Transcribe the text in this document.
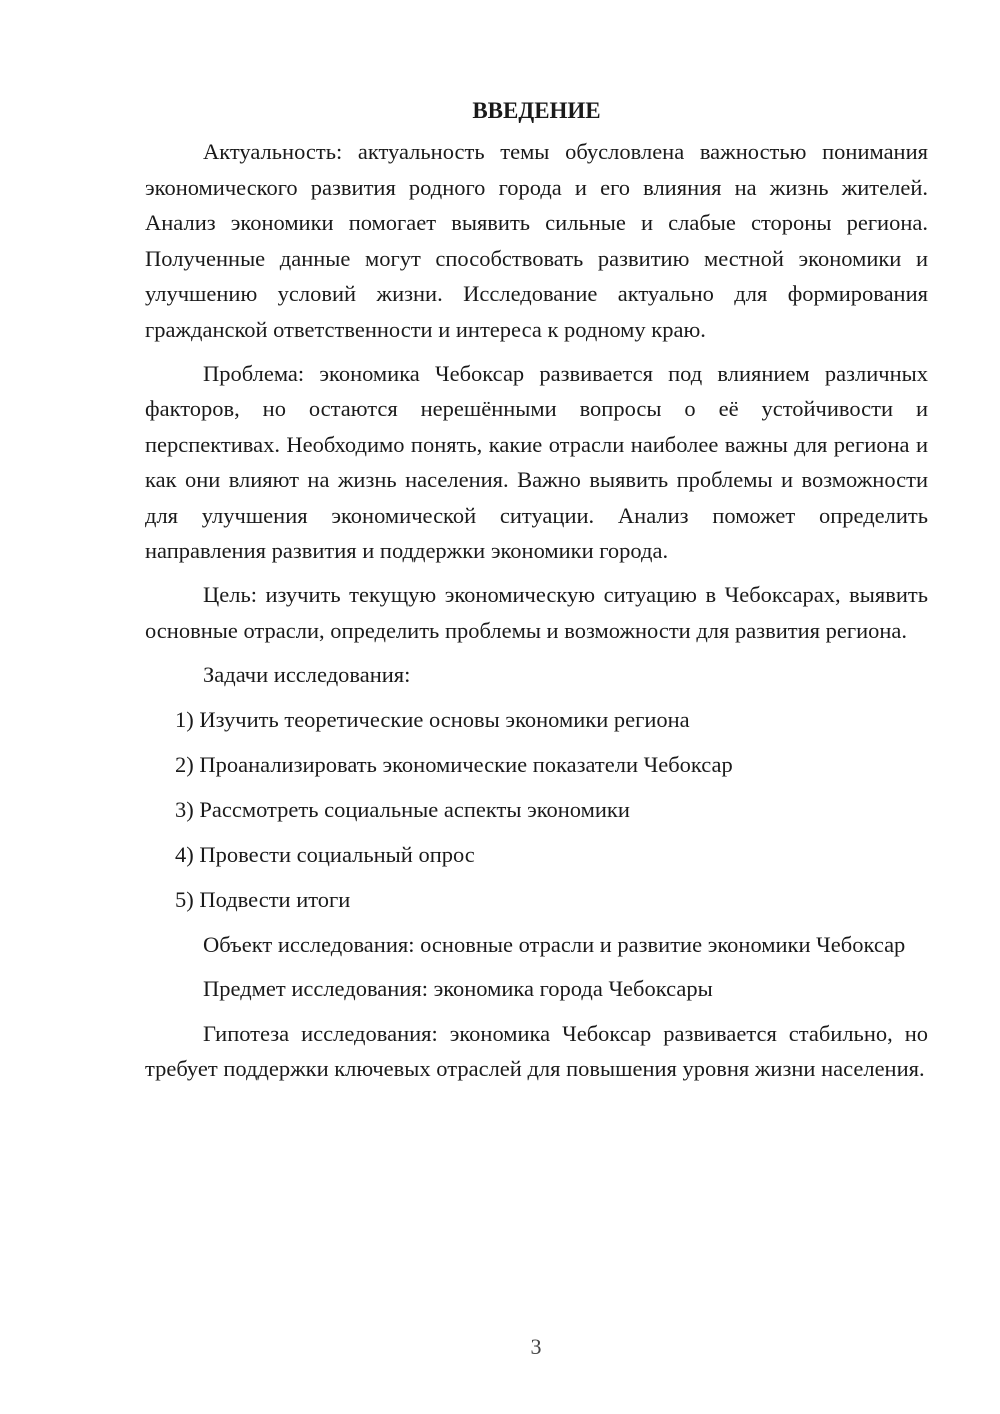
ВВЕДЕНИЕ

Актуальность: актуальность темы обусловлена важностью понимания экономического развития родного города и его влияния на жизнь жителей. Анализ экономики помогает выявить сильные и слабые стороны региона. Полученные данные могут способствовать развитию местной экономики и улучшению условий жизни. Исследование актуально для формирования гражданской ответственности и интереса к родному краю.

Проблема: экономика Чебоксар развивается под влиянием различных факторов, но остаются нерешёнными вопросы о её устойчивости и перспективах. Необходимо понять, какие отрасли наиболее важны для региона и как они влияют на жизнь населения. Важно выявить проблемы и возможности для улучшения экономической ситуации. Анализ поможет определить направления развития и поддержки экономики города.

Цель: изучить текущую экономическую ситуацию в Чебоксарах, выявить основные отрасли, определить проблемы и возможности для развития региона.

Задачи исследования:

1) Изучить теоретические основы экономики региона

2) Проанализировать экономические показатели Чебоксар

3) Рассмотреть социальные аспекты экономики

4) Провести социальный опрос

5) Подвести итоги

Объект исследования: основные отрасли и развитие экономики Чебоксар

Предмет исследования: экономика города Чебоксары

Гипотеза исследования: экономика Чебоксар развивается стабильно, но требует поддержки ключевых отраслей для повышения уровня жизни населения.

3
